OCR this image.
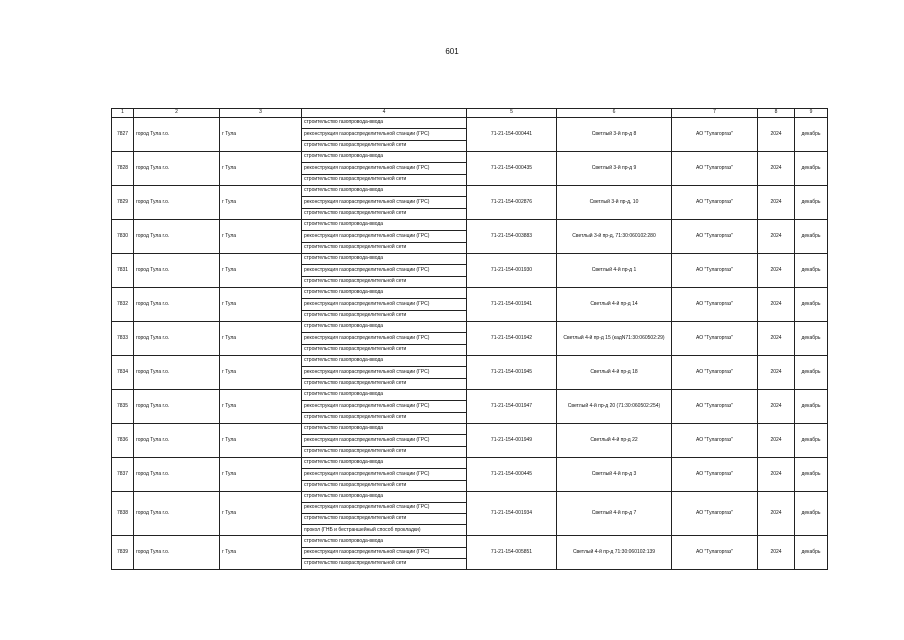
601
1	2	3	4	5	6	7	8	9
7827	город Тула г.о.	г Тула	строительство газопровода-ввода	71-21-154-000441	Светлый 3-й пр-д 8	АО "Тулагоргаз"	2024	декабрь
			реконструкция газораспределительной станции (ГРС)					
			строительство газораспределительной сети					
7828	город Тула г.о.	г Тула	строительство газопровода-ввода	71-21-154-000435	Светлый 3-й пр-д 9	АО "Тулагоргаз"	2024	декабрь
			реконструкция газораспределительной станции (ГРС)					
			строительство газораспределительной сети					
7829	город Тула г.о.	г Тула	строительство газопровода-ввода	71-21-154-002876	Светлый 3-й пр-д, 10	АО "Тулагоргаз"	2024	декабрь
			реконструкция газораспределительной станции (ГРС)					
			строительство газораспределительной сети					
7830	город Тула г.о.	г Тула	строительство газопровода-ввода	71-21-154-003883	Светлый 3-й пр-д, 71:30:060102:280	АО "Тулагоргаз"	2024	декабрь
			реконструкция газораспределительной станции (ГРС)					
			строительство газораспределительной сети					
7831	город Тула г.о.	г Тула	строительство газопровода-ввода	71-21-154-001930	Светлый 4-й пр-д 1	АО "Тулагоргаз"	2024	декабрь
			реконструкция газораспределительной станции (ГРС)					
			строительство газораспределительной сети					
7832	город Тула г.о.	г Тула	строительство газопровода-ввода	71-21-154-001941	Светлый 4-й пр-д 14	АО "Тулагоргаз"	2024	декабрь
			реконструкция газораспределительной станции (ГРС)					
			строительство газораспределительной сети					
7833	город Тула г.о.	г Тула	строительство газопровода-ввода	71-21-154-001942	Светлый 4-й пр-д 15 (кадN71:30:060502:29)	АО "Тулагоргаз"	2024	декабрь
			реконструкция газораспределительной станции (ГРС)					
			строительство газораспределительной сети					
7834	город Тула г.о.	г Тула	строительство газопровода-ввода	71-21-154-001945	Светлый 4-й пр-д 18	АО "Тулагоргаз"	2024	декабрь
			реконструкция газораспределительной станции (ГРС)					
			строительство газораспределительной сети					
7835	город Тула г.о.	г Тула	строительство газопровода-ввода	71-21-154-001947	Светлый 4-й пр-д 20 (71:30:060502:254)	АО "Тулагоргаз"	2024	декабрь
			реконструкция газораспределительной станции (ГРС)					
			строительство газораспределительной сети					
7836	город Тула г.о.	г Тула	строительство газопровода-ввода	71-21-154-001949	Светлый 4-й пр-д 22	АО "Тулагоргаз"	2024	декабрь
			реконструкция газораспределительной станции (ГРС)					
			строительство газораспределительной сети					
7837	город Тула г.о.	г Тула	строительство газопровода-ввода	71-21-154-000445	Светлый 4-й пр-д 3	АО "Тулагоргаз"	2024	декабрь
			реконструкция газораспределительной станции (ГРС)					
			строительство газораспределительной сети					
7838	город Тула г.о.	г Тула	строительство газопровода-ввода	71-21-154-001934	Светлый 4-й пр-д 7	АО "Тулагоргаз"	2024	декабрь
			реконструкция газораспределительной станции (ГРС)					
			строительство газораспределительной сети					
			прокол (ГНБ и бестраншейный способ прокладки)					
7839	город Тула г.о.	г Тула	строительство газопровода-ввода	71-21-154-005851	Светлый 4-й пр-д 71:30:060102:139	АО "Тулагоргаз"	2024	декабрь
			реконструкция газораспределительной станции (ГРС)					
			строительство газораспределительной сети					
